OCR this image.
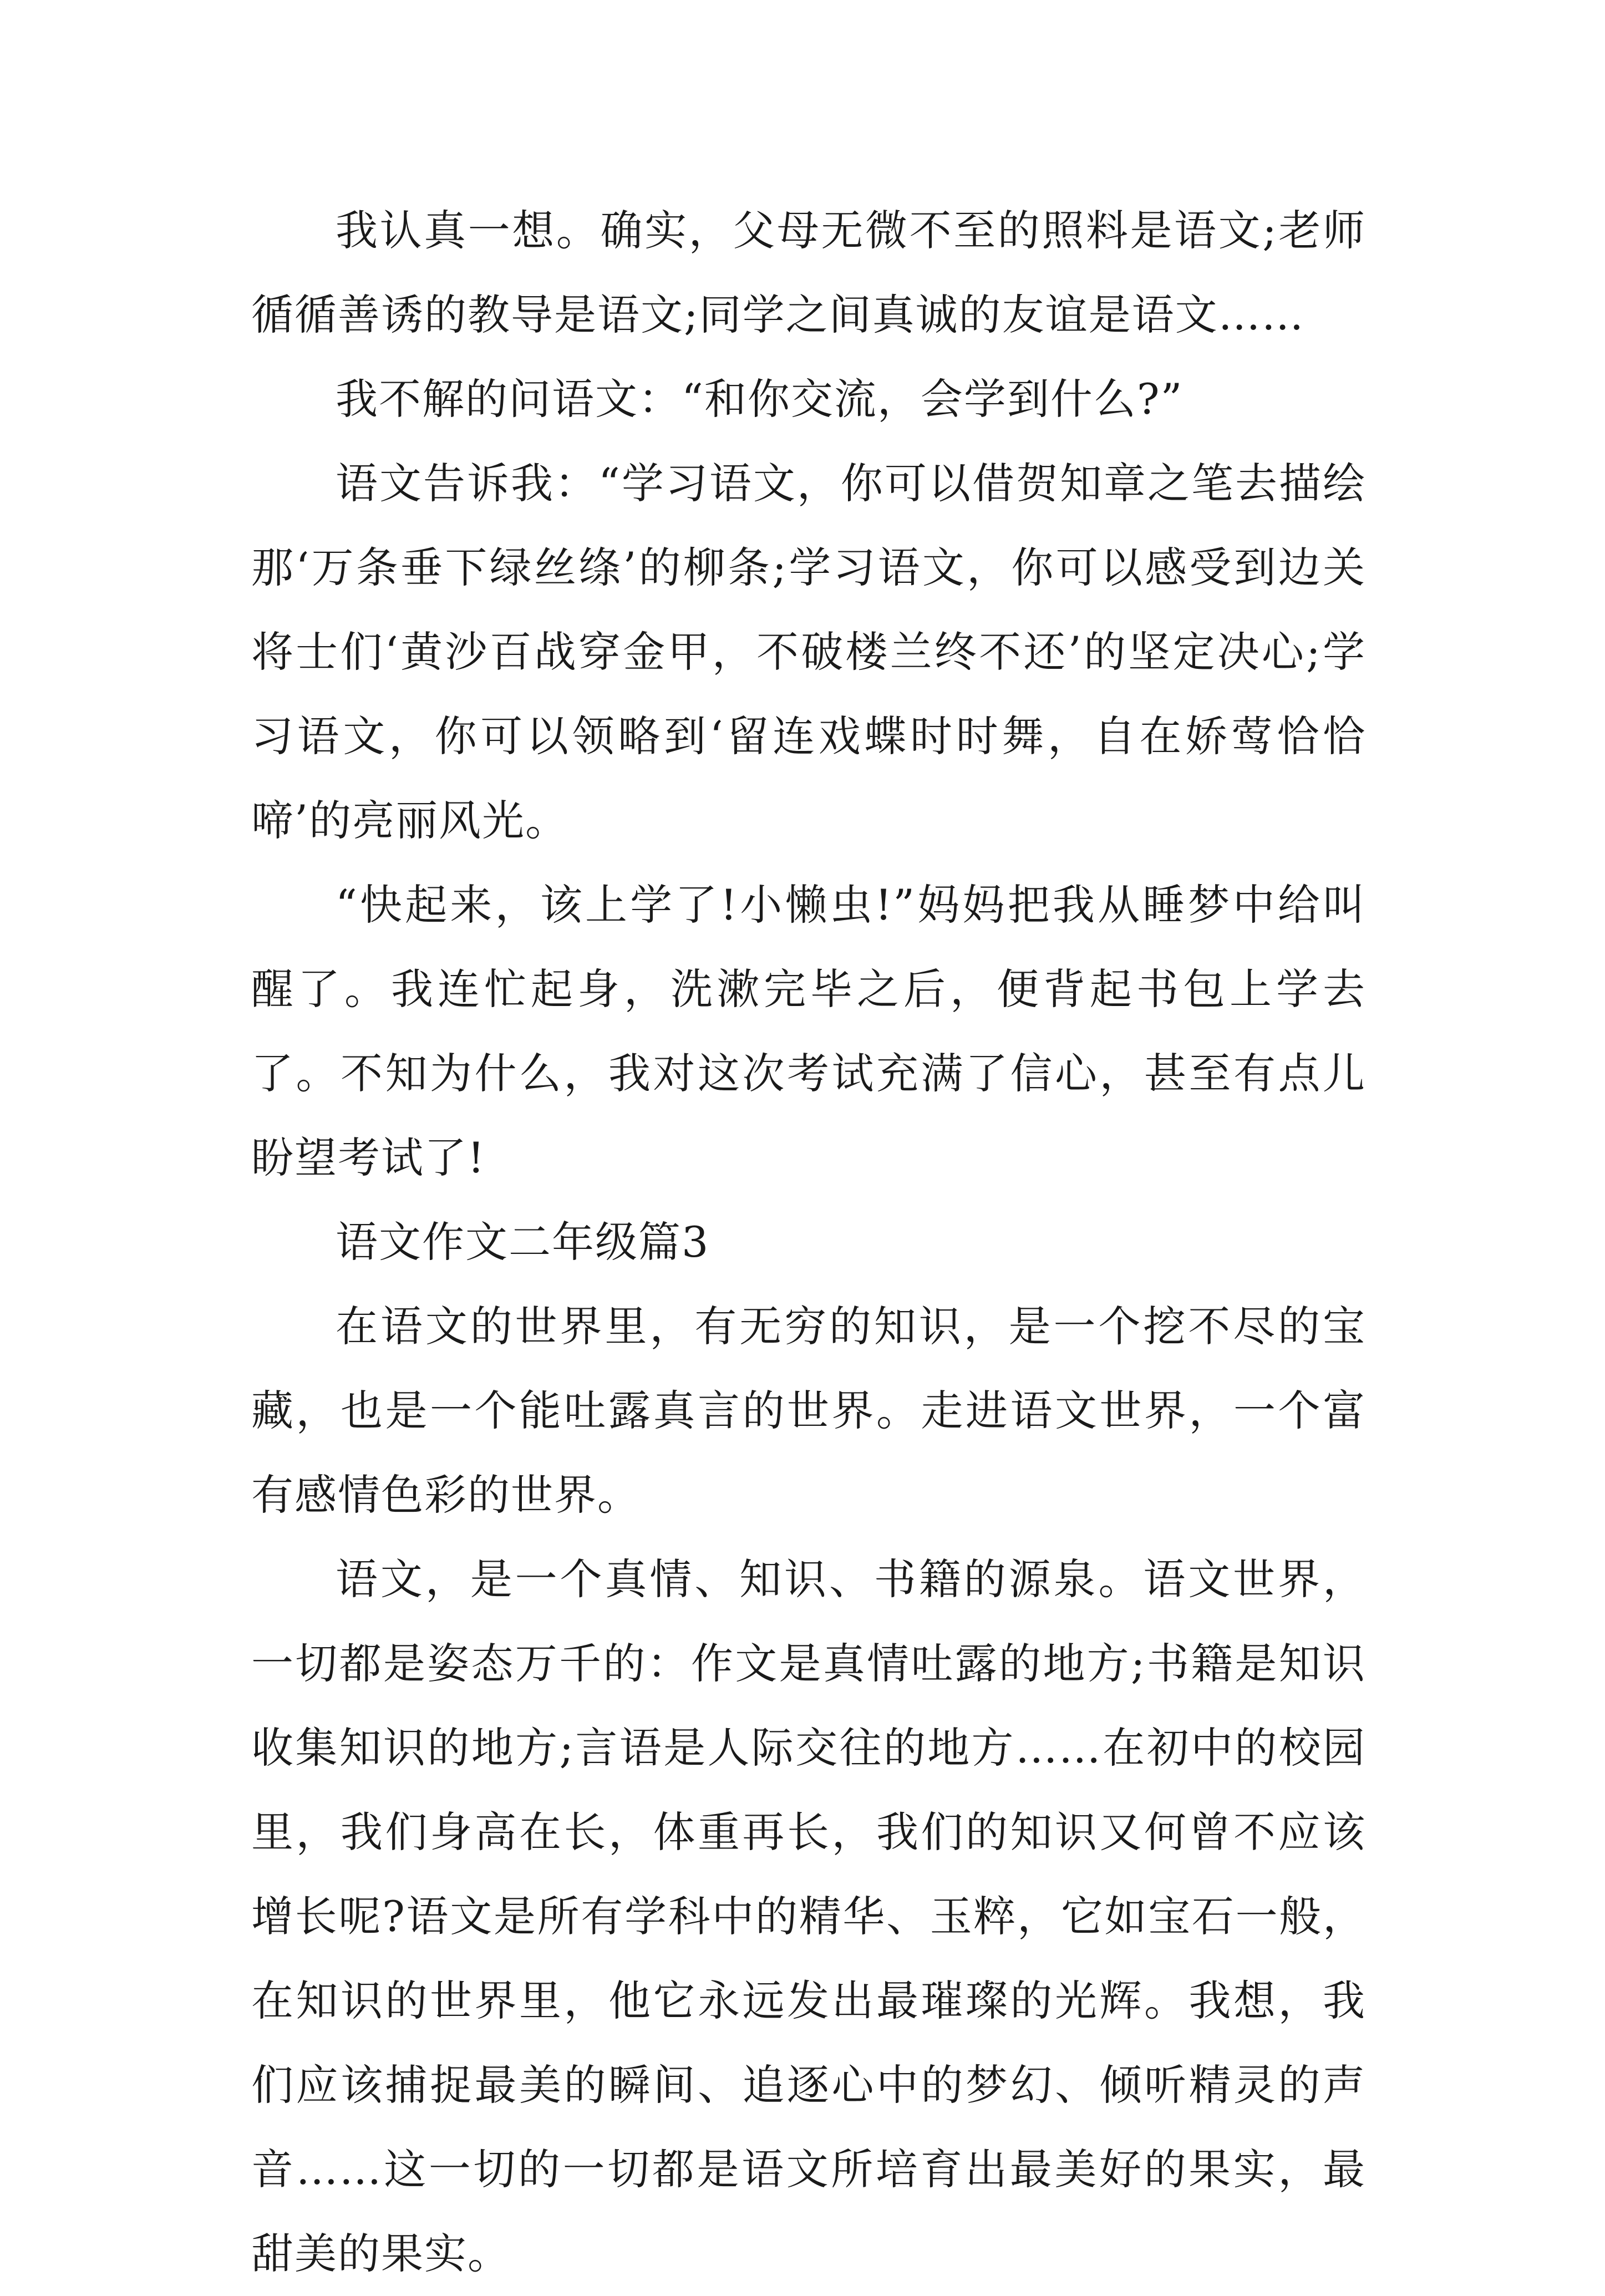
我认真一想。确实，父母无微不至的照料是语文;老师循循善诱的教导是语文;同学之间真诚的友谊是语文……

我不解的问语文：“和你交流，会学到什么?”

语文告诉我：“学习语文，你可以借贺知章之笔去描绘那‘万条垂下绿丝绦’的柳条;学习语文，你可以感受到边关将士们‘黄沙百战穿金甲，不破楼兰终不还’的坚定决心;学习语文，你可以领略到‘留连戏蝶时时舞，自在娇莺恰恰啼’的亮丽风光。

“快起来，该上学了!小懒虫!”妈妈把我从睡梦中给叫醒了。我连忙起身，洗漱完毕之后，便背起书包上学去了。不知为什么，我对这次考试充满了信心，甚至有点儿盼望考试了!

语文作文二年级篇3

在语文的世界里，有无穷的知识，是一个挖不尽的宝藏，也是一个能吐露真言的世界。走进语文世界，一个富有感情色彩的世界。

语文，是一个真情、知识、书籍的源泉。语文世界，一切都是姿态万千的：作文是真情吐露的地方;书籍是知识收集知识的地方;言语是人际交往的地方……在初中的校园里，我们身高在长，体重再长，我们的知识又何曾不应该增长呢?语文是所有学科中的精华、玉粹，它如宝石一般，在知识的世界里，他它永远发出最璀璨的光辉。我想，我们应该捕捉最美的瞬间、追逐心中的梦幻、倾听精灵的声音……这一切的一切都是语文所培育出最美好的果实，最甜美的果实。
